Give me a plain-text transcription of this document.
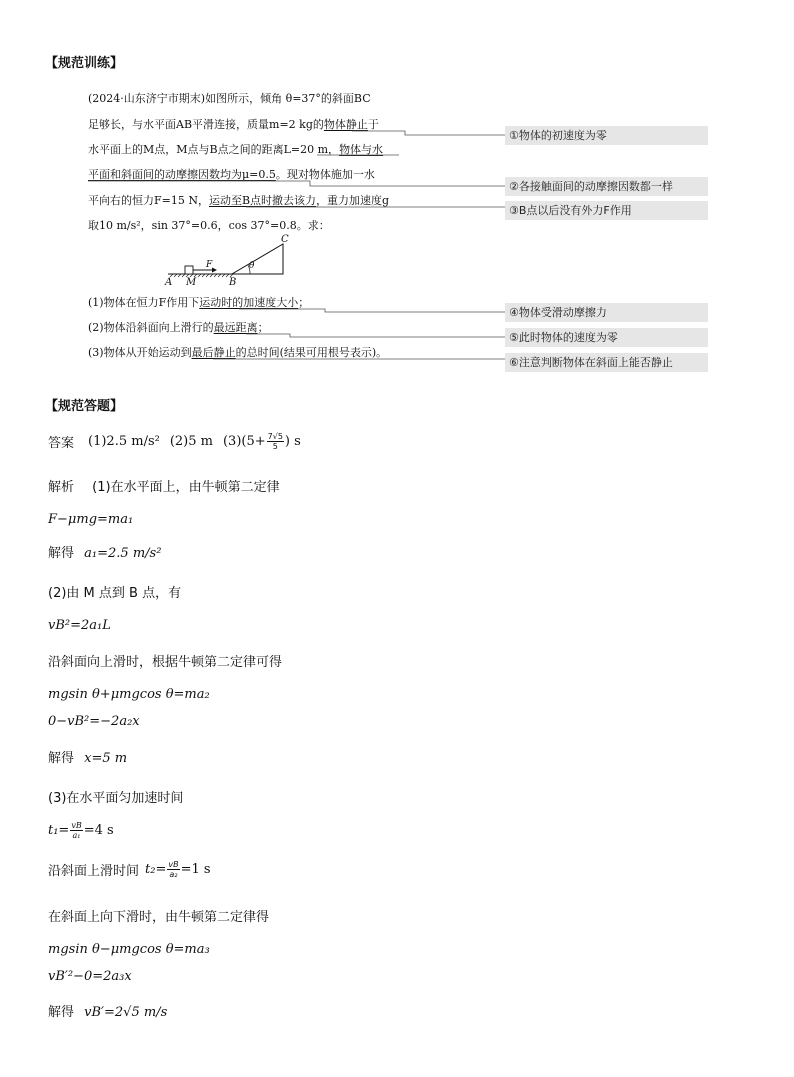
【规范训练】
(2024·山东济宁市期末)如图所示，倾角 θ=37°的斜面BC
足够长，与水平面AB平滑连接，质量m=2 kg的物体静止于
水平面上的M点，M点与B点之间的距离L=20 m，物体与水
平面和斜面间的动摩擦因数均为μ=0.5。现对物体施加一水
平向右的恒力F=15 N，运动至B点时撤去该力，重力加速度g
取10 m/s²，sin 37°=0.6，cos 37°=0.8。求：
(1)物体在恒力F作用下运动时的加速度大小；
(2)物体沿斜面向上滑行的最远距离；
(3)物体从开始运动到最后静止的总时间(结果可用根号表示)。
①物体的初速度为零
②各接触面间的动摩擦因数都一样
③B点以后没有外力F作用
④物体受滑动摩擦力
⑤此时物体的速度为零
⑥注意判断物体在斜面上能否静止
C
F	θ
A M	B
【规范答题】
答案 (1)2.5 m/s² (2)5 m $(3)(5+ \frac{7√5}{5}$ ) s
解析 (1)在水平面上，由牛顿第二定律
F−μmg=ma₁
解得 a₁=2.5 m/s²
(2)由 M 点到 B 点，有
vB²=2a₁L
沿斜面向上滑时，根据牛顿第二定律可得
mgsin θ+μmgcos θ=ma₂
0−vB²=−2a₂x
解得 x=5 m
(3)在水平面匀加速时间
$t_1= \frac{vB}{\text{a₁}} =4$ s
沿斜面上滑时间 $t_2= \frac{vB}{\text{a₂}} =1$ s
在斜面上向下滑时，由牛顿第二定律得
mgsin θ−μmgcos θ=ma₃
vB′²−0=2a₃x
解得 vB′=2√5 m/s
